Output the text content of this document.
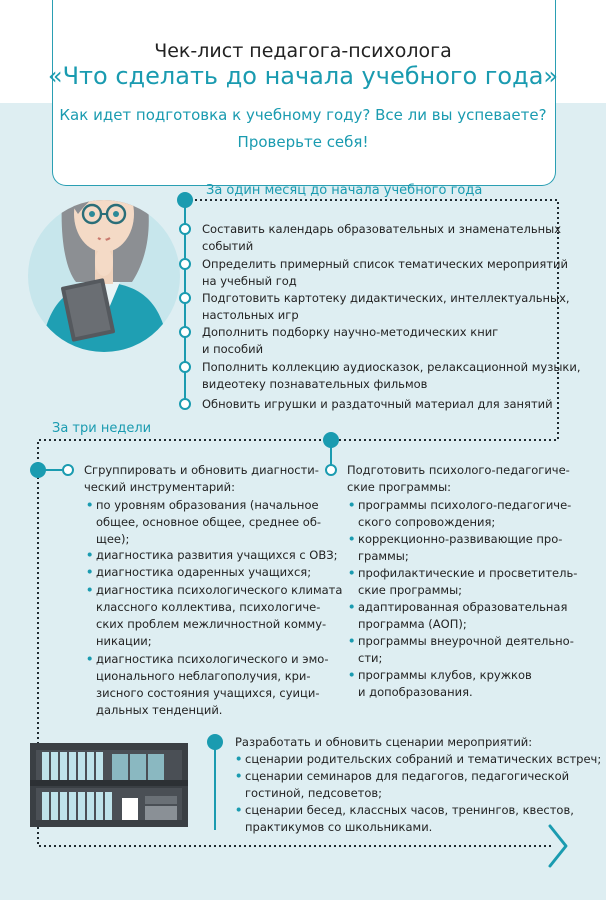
Чек-лист педагога-психолога
«Что сделать до начала учебного года»
Как идет подготовка к учебному году? Все ли вы успеваете?
Проверьте себя!
За один месяц до начала учебного года
Составить календарь образовательных и знаменательных
событий
Определить примерный список тематических мероприятий
на учебный год
Подготовить картотеку дидактических, интеллектуальных,
настольных игр
Дополнить подборку научно-методических книг
и пособий
Пополнить коллекцию аудиосказок, релаксационной музыки,
видеотеку познавательных фильмов
Обновить игрушки и раздаточный материал для занятий
За три недели
Сгруппировать и обновить диагности-
ческий инструментарий:
• по уровням образования (начальное
общее, основное общее, среднее об-
щее);
• диагностика развития учащихся с ОВЗ;
• диагностика одаренных учащихся;
• диагностика психологического климата
классного коллектива, психологиче-
ских проблем межличностной комму-
никации;
• диагностика психологического и эмо-
ционального неблагополучия, кри-
зисного состояния учащихся, суици-
дальных тенденций.
Подготовить психолого-педагогиче-
ские программы:
• программы психолого-педагогиче-
ского сопровождения;
• коррекционно-развивающие про-
граммы;
• профилактические и просветитель-
ские программы;
• адаптированная образовательная
программа (АОП);
• программы внеурочной деятельно-
сти;
• программы клубов, кружков
и допобразования.
Разработать и обновить сценарии мероприятий:
• сценарии родительских собраний и тематических встреч;
• сценарии семинаров для педагогов, педагогической
гостиной, педсоветов;
• сценарии бесед, классных часов, тренингов, квестов,
практикумов со школьниками.
